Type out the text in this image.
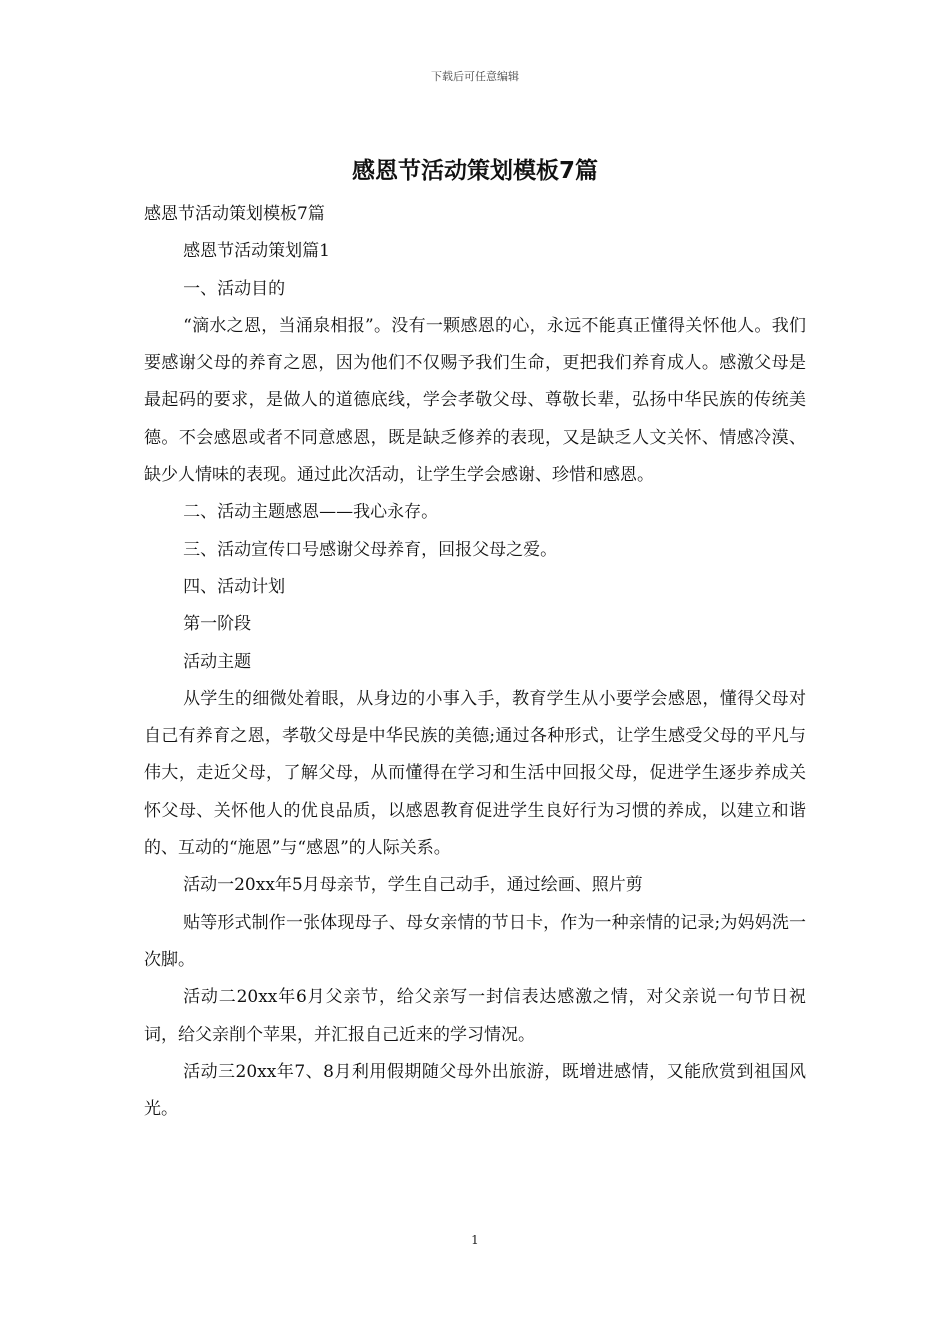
下载后可任意编辑
感恩节活动策划模板7篇

感恩节活动策划模板7篇

感恩节活动策划篇1

一、活动目的

“滴水之恩，当涌泉相报”。没有一颗感恩的心，永远不能真正懂得关怀他人。我们要感谢父母的养育之恩，因为他们不仅赐予我们生命，更把我们养育成人。感激父母是最起码的要求，是做人的道德底线，学会孝敬父母、尊敬长辈，弘扬中华民族的传统美德。不会感恩或者不同意感恩，既是缺乏修养的表现，又是缺乏人文关怀、情感冷漠、缺少人情味的表现。通过此次活动，让学生学会感谢、珍惜和感恩。

二、活动主题感恩——我心永存。

三、活动宣传口号感谢父母养育，回报父母之爱。

四、活动计划

第一阶段

活动主题

从学生的细微处着眼，从身边的小事入手，教育学生从小要学会感恩，懂得父母对自己有养育之恩，孝敬父母是中华民族的美德;通过各种形式，让学生感受父母的平凡与伟大，走近父母，了解父母，从而懂得在学习和生活中回报父母，促进学生逐步养成关怀父母、关怀他人的优良品质，以感恩教育促进学生良好行为习惯的养成，以建立和谐的、互动的“施恩”与“感恩”的人际关系。

活动一20xx年5月母亲节，学生自己动手，通过绘画、照片剪

贴等形式制作一张体现母子、母女亲情的节日卡，作为一种亲情的记录;为妈妈洗一次脚。

活动二20xx年6月父亲节，给父亲写一封信表达感激之情，对父亲说一句节日祝词，给父亲削个苹果，并汇报自己近来的学习情况。

活动三20xx年7、8月利用假期随父母外出旅游，既增进感情，又能欣赏到祖国风光。

1
